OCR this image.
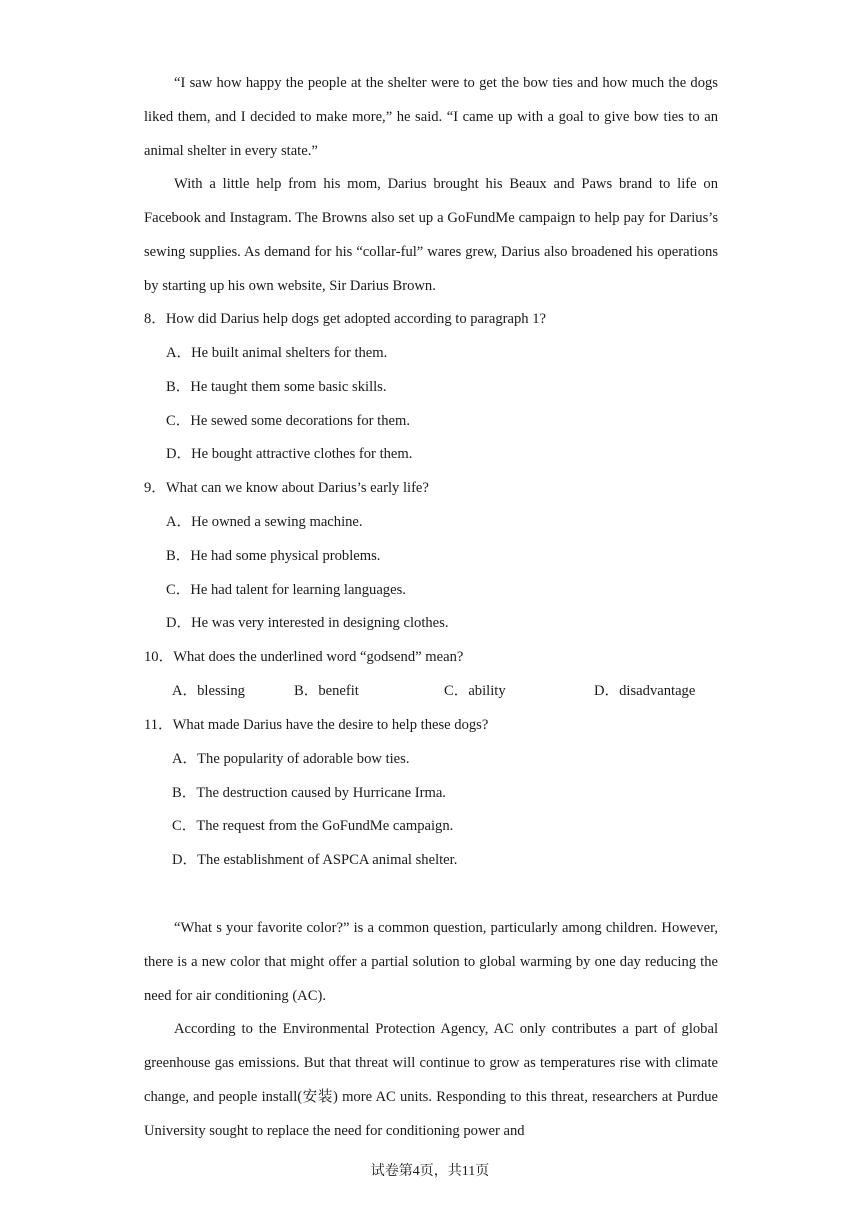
“I saw how happy the people at the shelter were to get the bow ties and how much the dogs liked them, and I decided to make more,” he said. “I came up with a goal to give bow ties to an animal shelter in every state.”

With a little help from his mom, Darius brought his Beaux and Paws brand to life on Facebook and Instagram. The Browns also set up a GoFundMe campaign to help pay for Darius’s sewing supplies. As demand for his “collar-ful” wares grew, Darius also broadened his operations by starting up his own website, Sir Darius Brown.

8．How did Darius help dogs get adopted according to paragraph 1?
A．He built animal shelters for them.
B．He taught them some basic skills.
C．He sewed some decorations for them.
D．He bought attractive clothes for them.
9．What can we know about Darius’s early life?
A．He owned a sewing machine.
B．He had some physical problems.
C．He had talent for learning languages.
D．He was very interested in designing clothes.
10．What does the underlined word “godsend” mean?
A．blessing	B．benefit	C．ability	D．disadvantage
11．What made Darius have the desire to help these dogs?
A．The popularity of adorable bow ties.
B．The destruction caused by Hurricane Irma.
C．The request from the GoFundMe campaign.
D．The establishment of ASPCA animal shelter.

“What s your favorite color?” is a common question, particularly among children. However, there is a new color that might offer a partial solution to global warming by one day reducing the need for air conditioning (AC).

According to the Environmental Protection Agency, AC only contributes a part of global greenhouse gas emissions. But that threat will continue to grow as temperatures rise with climate change, and people install(安装) more AC units. Responding to this threat, researchers at Purdue University sought to replace the need for conditioning power and

试卷第4页，共11页
